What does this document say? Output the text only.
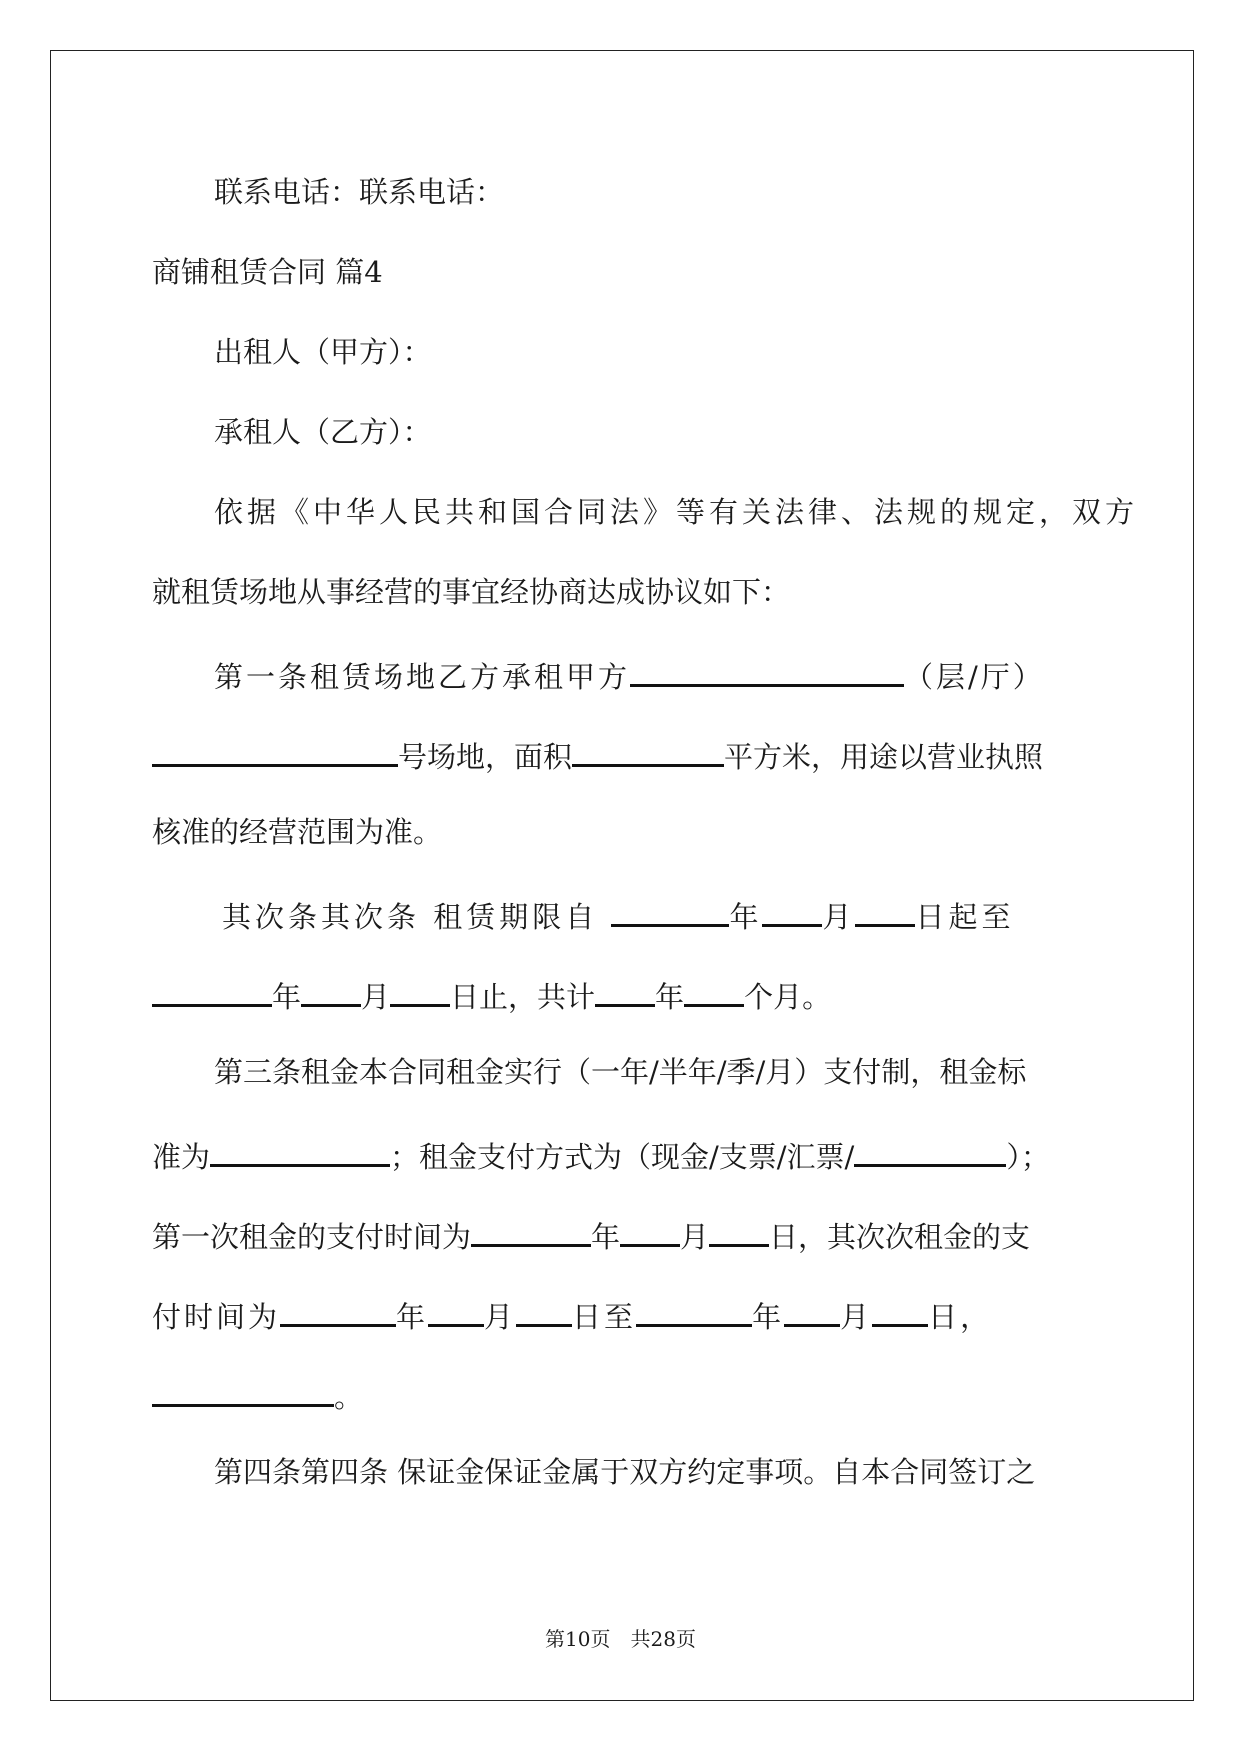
联系电话：联系电话：
商铺租赁合同 篇4
出租人（甲方）：
承租人（乙方）：
依据《中华人民共和国合同法》等有关法律、法规的规定，双方
就租赁场地从事经营的事宜经协商达成协议如下：
第一条租赁场地乙方承租甲方	（层/厅）
号场地，面积	平方米，用途以营业执照
核准的经营范围为准。
其次条其次条 租赁期限自	年 月 日起至
年 月 日止，共计 年 个月。
第三条租金本合同租金实行（一年/半年/季/月）支付制，租金标
准为	；租金支付方式为（现金/支票/汇票/	）；
第一次租金的支付时间为	年 月 日，其次次租金的支
付时间为	年 月 日至	年 月 日，
。
第四条第四条 保证金保证金属于双方约定事项。自本合同签订之
第10页　共28页
